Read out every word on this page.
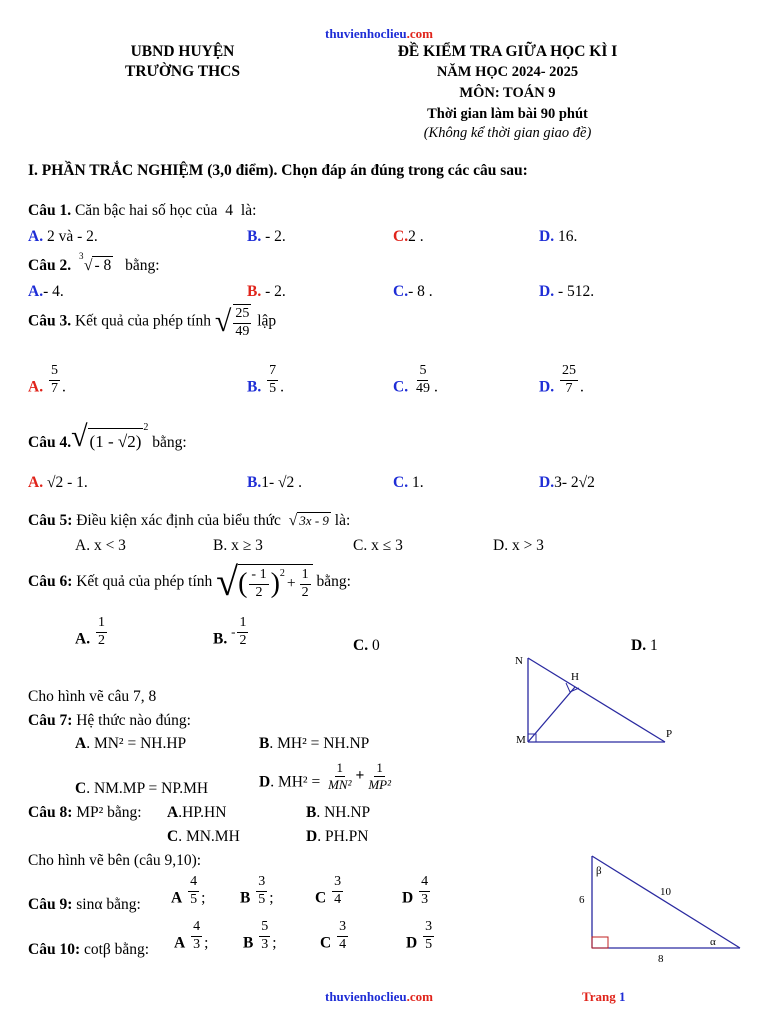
thuvienhoclieu.com
UBND HUYỆN
TRƯỜNG THCS
ĐỀ KIỂM TRA GIỮA HỌC KÌ I
NĂM HỌC 2024- 2025
MÔN: TOÁN 9
Thời gian làm bài 90 phút
(Không kể thời gian giao đề)
I. PHẦN TRẮC NGHIỆM (3,0 điểm). Chọn đáp án đúng trong các câu sau:
Câu 1. Căn bậc hai số học của 4 là:
A. 2 và - 2.	B. - 2.	C.2 .	D. 16.
Câu 2.
3
√ - 8 bằng:
A.- 4.	B. - 2.	C.- 8 .	D. - 512.
Câu 3. Kết quả của phép tính √ $\frac{25}{49}$ lập
A. $\frac{5}{7}$ .	B. $\frac{7}{5}$ .	C. $\frac{5}{49}$ .	D. $\frac{25}{7}$ .
Câu 4. √ (1 - √2)
$^2$
bằng:
A. √2 - 1.	B.1- √2 .	C. 1.	D.3- 2√2
Câu 5: Điều kiện xác định của biểu thức √ 3x - 9 là:
A. x < 3	B. x ≥ 3	C. x ≤ 3	D. x > 3
Câu 6: Kết quả của phép tính √ ( $\frac{- 1}{2} )^2$
+ $\frac{1}{2}$ bằng:
A. $\frac{1}{2}$	B. - $\frac{1}{2}$	C. 0	D. 1
N
H
M	P
Cho hình vẽ câu 7, 8
Câu 7: Hệ thức nào đúng:
A. MN² = NH.HP	B. MH² = NH.NP
C. NM.MP = NP.MH	D. $MH^2 = \frac{1}{\text{MN²}} + \frac{1}{\text{MP²}}$
Câu 8: MP² bằng: A.HP.HN	B. NH.NP
C. MN.MH	D. PH.PN
Cho hình vẽ bên (câu 9,10):
β
α
6
10
8
Câu 9: sinα bằng: A $\frac{4}{5}$ ; B $\frac{3}{5}$ ;	C $\frac{3}{4}$	D $\frac{4}{3}$
Câu 10: cotβ bằng: A $\frac{4}{3}$ ; B $\frac{5}{3}$ ;	C $\frac{3}{4}$	D $\frac{3}{5}$
thuvienhoclieu.com	Trang 1
